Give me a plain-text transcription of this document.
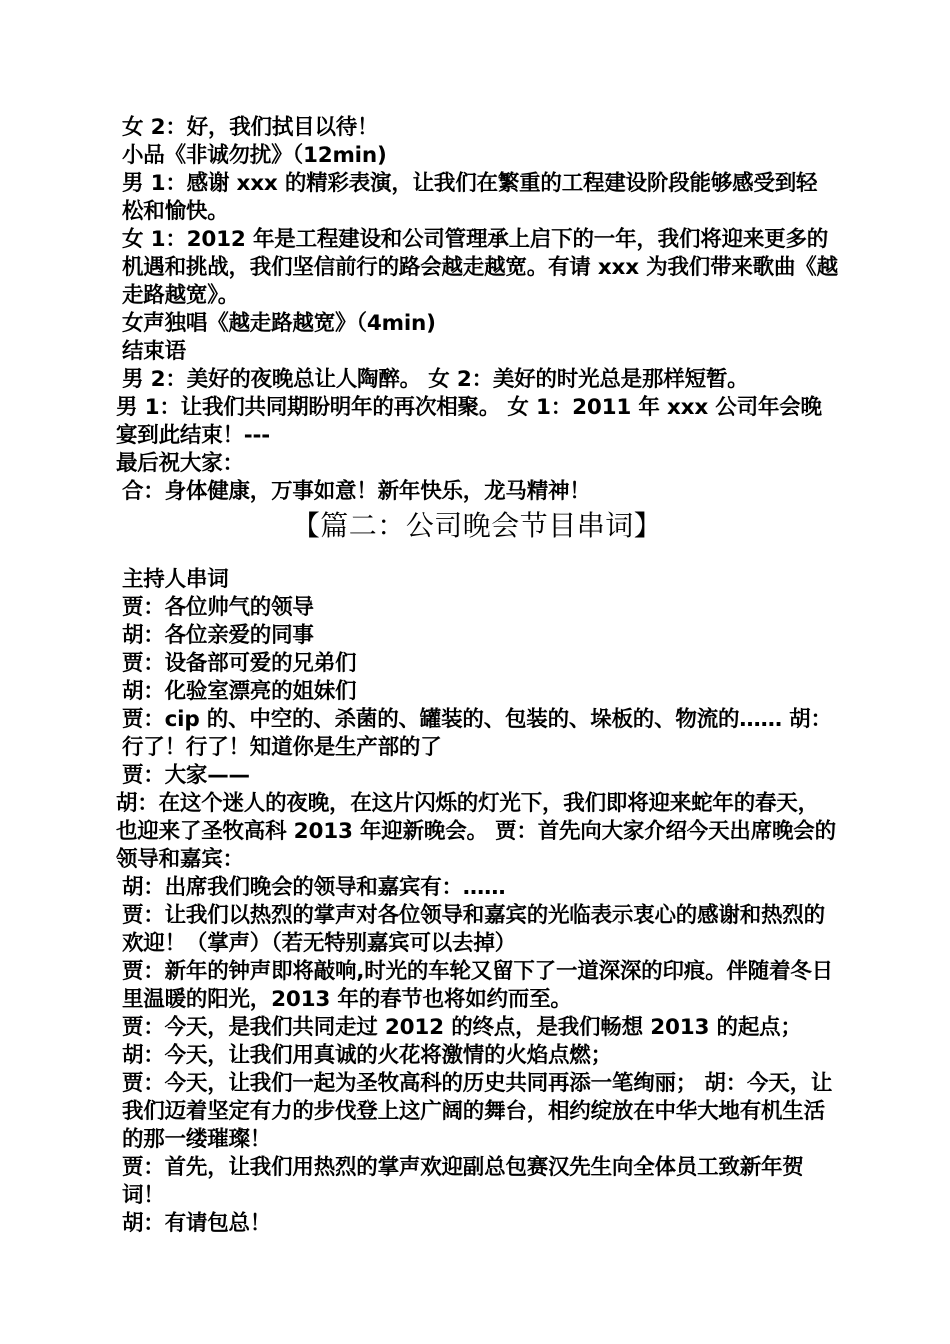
女 2：好，我们拭目以待！
小品《非诚勿扰》（12min)
男 1：感谢 xxx 的精彩表演，让我们在繁重的工程建设阶段能够感受到轻松和愉快。
女 1：2012 年是工程建设和公司管理承上启下的一年，我们将迎来更多的机遇和挑战，我们坚信前行的路会越走越宽。有请 xxx 为我们带来歌曲《越走路越宽》。
女声独唱《越走路越宽》（4min)
结束语
男 2：美好的夜晚总让人陶醉。 女 2：美好的时光总是那样短暂。
男 1：让我们共同期盼明年的再次相聚。 女 1：2011 年 xxx 公司年会晚宴到此结束！---
最后祝大家：
合：身体健康，万事如意！新年快乐，龙马精神！
【篇二：公司晚会节目串词】
主持人串词
贾：各位帅气的领导
胡：各位亲爱的同事
贾：设备部可爱的兄弟们
胡：化验室漂亮的姐妹们
贾：cip 的、中空的、杀菌的、罐装的、包装的、垛板的、物流的…… 胡：行了！行了！知道你是生产部的了
贾：大家——
胡：在这个迷人的夜晚，在这片闪烁的灯光下，我们即将迎来蛇年的春天，也迎来了圣牧高科 2013 年迎新晚会。 贾：首先向大家介绍今天出席晚会的领导和嘉宾：
胡：出席我们晚会的领导和嘉宾有：……
贾：让我们以热烈的掌声对各位领导和嘉宾的光临表示衷心的感谢和热烈的欢迎！（掌声）（若无特别嘉宾可以去掉）
贾：新年的钟声即将敲响,时光的车轮又留下了一道深深的印痕。伴随着冬日里温暖的阳光，2013 年的春节也将如约而至。
贾：今天，是我们共同走过 2012 的终点，是我们畅想 2013 的起点； 胡：今天，让我们用真诚的火花将激情的火焰点燃；
贾：今天，让我们一起为圣牧高科的历史共同再添一笔绚丽； 胡：今天，让我们迈着坚定有力的步伐登上这广阔的舞台，相约绽放在中华大地有机生活的那一缕璀璨！
贾：首先，让我们用热烈的掌声欢迎副总包赛汉先生向全体员工致新年贺词！
胡：有请包总！
